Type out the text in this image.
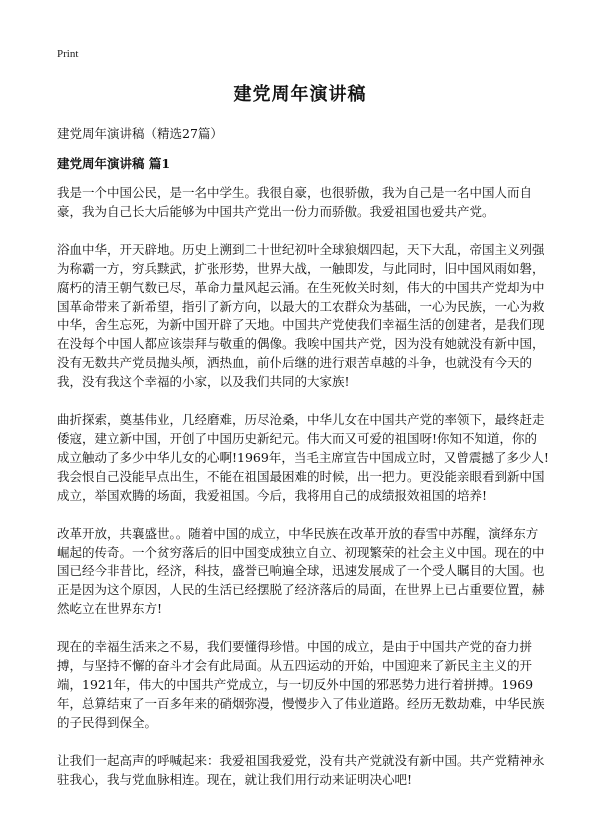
Print
建党周年演讲稿
建党周年演讲稿（精选27篇）
建党周年演讲稿 篇1

我是一个中国公民，是一名中学生。我很自豪，也很骄傲，我为自己是一名中国人而自豪，我为自己长大后能够为中国共产党出一份力而骄傲。我爱祖国也爱共产党。

浴血中华，开天辟地。历史上溯到二十世纪初叶全球狼烟四起，天下大乱，帝国主义列强为称霸一方，穷兵黩武，扩张形势，世界大战，一触即发，与此同时，旧中国风雨如磐，腐朽的清王朝气数已尽，革命力量风起云涌。在生死攸关时刻，伟大的中国共产党却为中国革命带来了新希望，指引了新方向，以最大的工农群众为基础，一心为民族，一心为救中华，舍生忘死，为新中国开辟了天地。中国共产党使我们幸福生活的创建者，是我们现在没每个中国人都应该崇拜与敬重的偶像。我唉中国共产党，因为没有她就没有新中国，没有无数共产党员抛头颅，洒热血，前仆后继的进行艰苦卓越的斗争，也就没有今天的我，没有我这个幸福的小家，以及我们共同的大家族!

曲折探索，奠基伟业，几经磨难，历尽沧桑，中华儿女在中国共产党的率领下，最终赶走倭寇，建立新中国，开创了中国历史新纪元。伟大而又可爱的祖国呀!你知不知道，你的成立触动了多少中华儿女的心啊!1969年，当毛主席宣告中国成立时，又曾震撼了多少人!我会恨自己没能早点出生，不能在祖国最困难的时候，出一把力。更没能亲眼看到新中国成立，举国欢腾的场面，我爱祖国。今后，我将用自己的成绩报效祖国的培养!

改革开放，共襄盛世。。随着中国的成立，中华民族在改革开放的春雪中苏醒，演绎东方崛起的传奇。一个贫穷落后的旧中国变成独立自立、初现繁荣的社会主义中国。现在的中国已经今非昔比，经济，科技，盛誉已响遍全球，迅速发展成了一个受人瞩目的大国。也正是因为这个原因，人民的生活已经摆脱了经济落后的局面，在世界上已占重要位置，赫然屹立在世界东方!

现在的幸福生活来之不易，我们要懂得珍惜。中国的成立，是由于中国共产党的奋力拼搏，与坚持不懈的奋斗才会有此局面。从五四运动的开始，中国迎来了新民主主义的开端，1921年，伟大的中国共产党成立，与一切反外中国的邪恶势力进行着拼搏。1969年，总算结束了一百多年来的硝烟弥漫，慢慢步入了伟业道路。经历无数劫难，中华民族的子民得到保全。

让我们一起高声的呼喊起来：我爱祖国我爱党，没有共产党就没有新中国。共产党精神永驻我心，我与党血脉相连。现在，就让我们用行动来证明决心吧!
